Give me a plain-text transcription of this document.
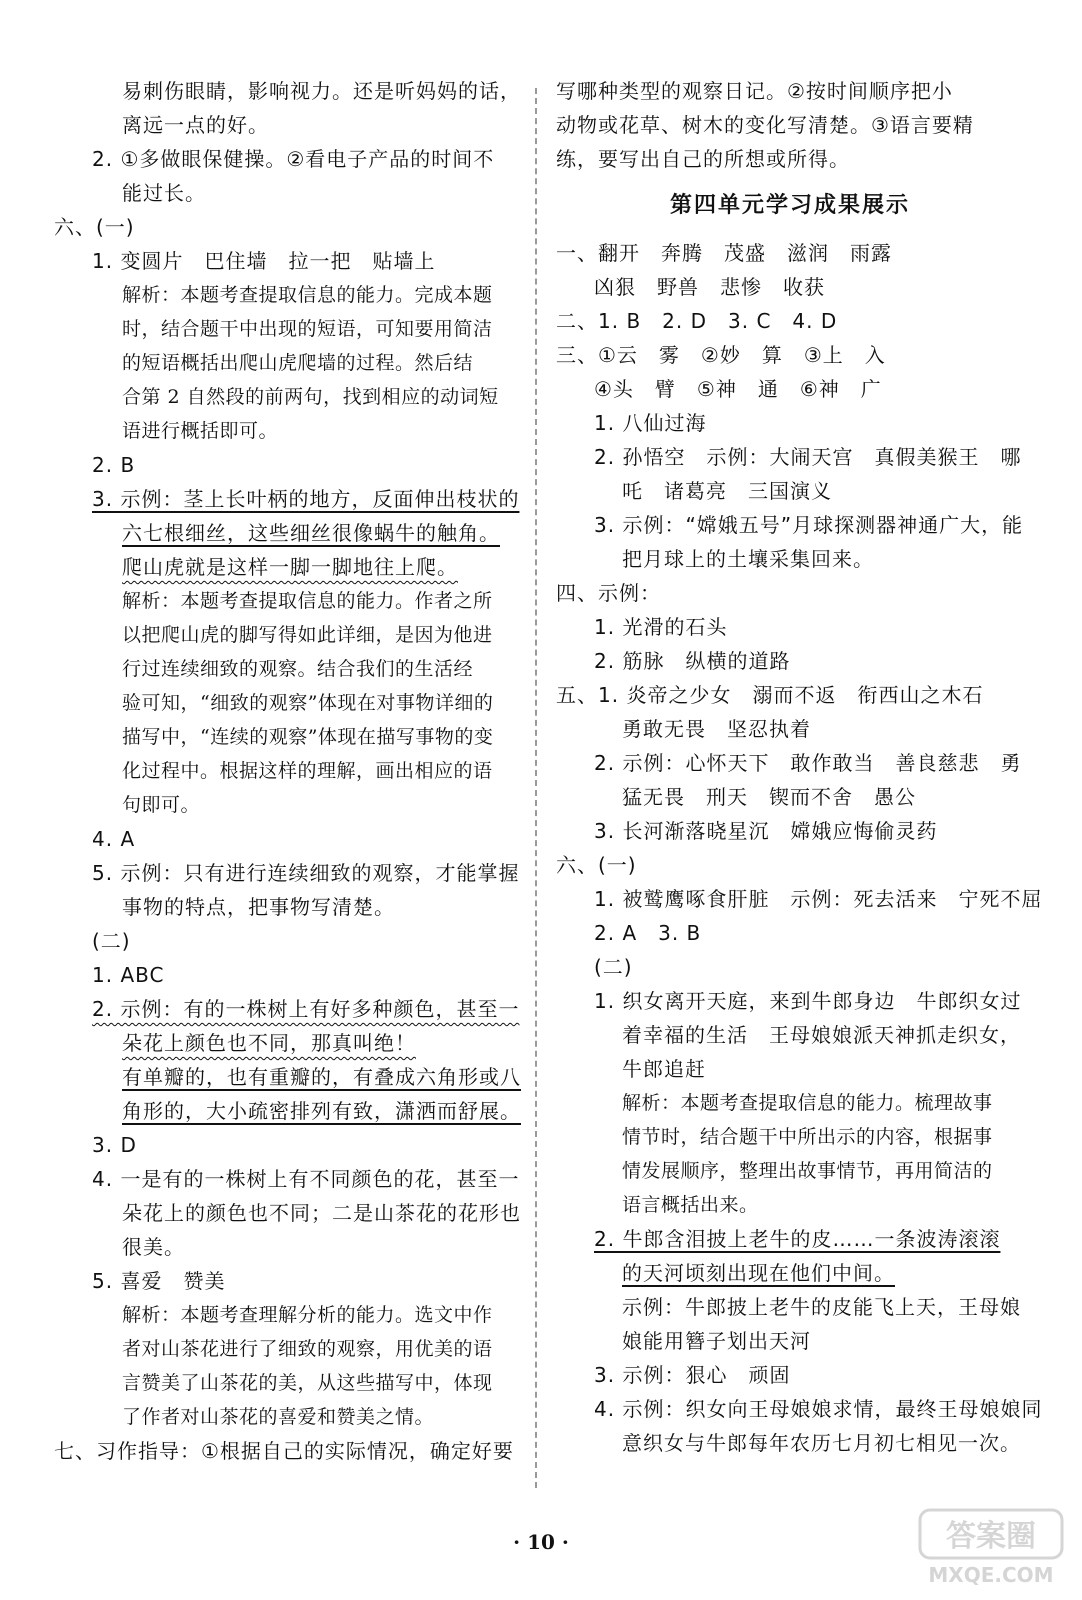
易刺伤眼睛，影响视力。还是听妈妈的话，
离远一点的好。
2. ①多做眼保健操。②看电子产品的时间不
能过长。
六、(一)
1. 变圆片　巴住墙　拉一把　贴墙上
解析：本题考查提取信息的能力。完成本题
时，结合题干中出现的短语，可知要用简洁
的短语概括出爬山虎爬墙的过程。然后结
合第 2 自然段的前两句，找到相应的动词短
语进行概括即可。
2. B
3. 示例：茎上长叶柄的地方，反面伸出枝状的
六七根细丝，这些细丝很像蜗牛的触角。
爬山虎就是这样一脚一脚地往上爬。
解析：本题考查提取信息的能力。作者之所
以把爬山虎的脚写得如此详细，是因为他进
行过连续细致的观察。结合我们的生活经
验可知，“细致的观察”体现在对事物详细的
描写中，“连续的观察”体现在描写事物的变
化过程中。根据这样的理解，画出相应的语
句即可。
4. A
5. 示例：只有进行连续细致的观察，才能掌握
事物的特点，把事物写清楚。
(二)
1. ABC
2. 示例：有的一株树上有好多种颜色，甚至一
朵花上颜色也不同，那真叫绝！
有单瓣的，也有重瓣的，有叠成六角形或八
角形的，大小疏密排列有致，潇洒而舒展。
3. D
4. 一是有的一株树上有不同颜色的花，甚至一
朵花上的颜色也不同；二是山茶花的花形也
很美。
5. 喜爱　赞美
解析：本题考查理解分析的能力。选文中作
者对山茶花进行了细致的观察，用优美的语
言赞美了山茶花的美，从这些描写中，体现
了作者对山茶花的喜爱和赞美之情。
七、习作指导：①根据自己的实际情况，确定好要
写哪种类型的观察日记。②按时间顺序把小
动物或花草、树木的变化写清楚。③语言要精
练，要写出自己的所想或所得。
第四单元学习成果展示
一、翻开　奔腾　茂盛　滋润　雨露
凶狠　野兽　悲惨　收获
二、1. B　2. D　3. C　4. D
三、①云　雾　②妙　算　③上　入
④头　臂　⑤神　通　⑥神　广
1. 八仙过海
2. 孙悟空　示例：大闹天宫　真假美猴王　哪
吒　诸葛亮　三国演义
3. 示例：“嫦娥五号”月球探测器神通广大，能
把月球上的土壤采集回来。
四、示例：
1. 光滑的石头
2. 筋脉　纵横的道路
五、1. 炎帝之少女　溺而不返　衔西山之木石
勇敢无畏　坚忍执着
2. 示例：心怀天下　敢作敢当　善良慈悲　勇
猛无畏　刑天　锲而不舍　愚公
3. 长河渐落晓星沉　嫦娥应悔偷灵药
六、(一)
1. 被鹫鹰啄食肝脏　示例：死去活来　宁死不屈
2. A　3. B
(二)
1. 织女离开天庭，来到牛郎身边　牛郎织女过
着幸福的生活　王母娘娘派天神抓走织女，
牛郎追赶
解析：本题考查提取信息的能力。梳理故事
情节时，结合题干中所出示的内容，根据事
情发展顺序，整理出故事情节，再用简洁的
语言概括出来。
2. 牛郎含泪披上老牛的皮……一条波涛滚滚
的天河顷刻出现在他们中间。
示例：牛郎披上老牛的皮能飞上天，王母娘
娘能用簪子划出天河
3. 示例：狠心　顽固
4. 示例：织女向王母娘娘求情，最终王母娘娘同
意织女与牛郎每年农历七月初七相见一次。
· 10 ·	答案圈
MXQE.COM
